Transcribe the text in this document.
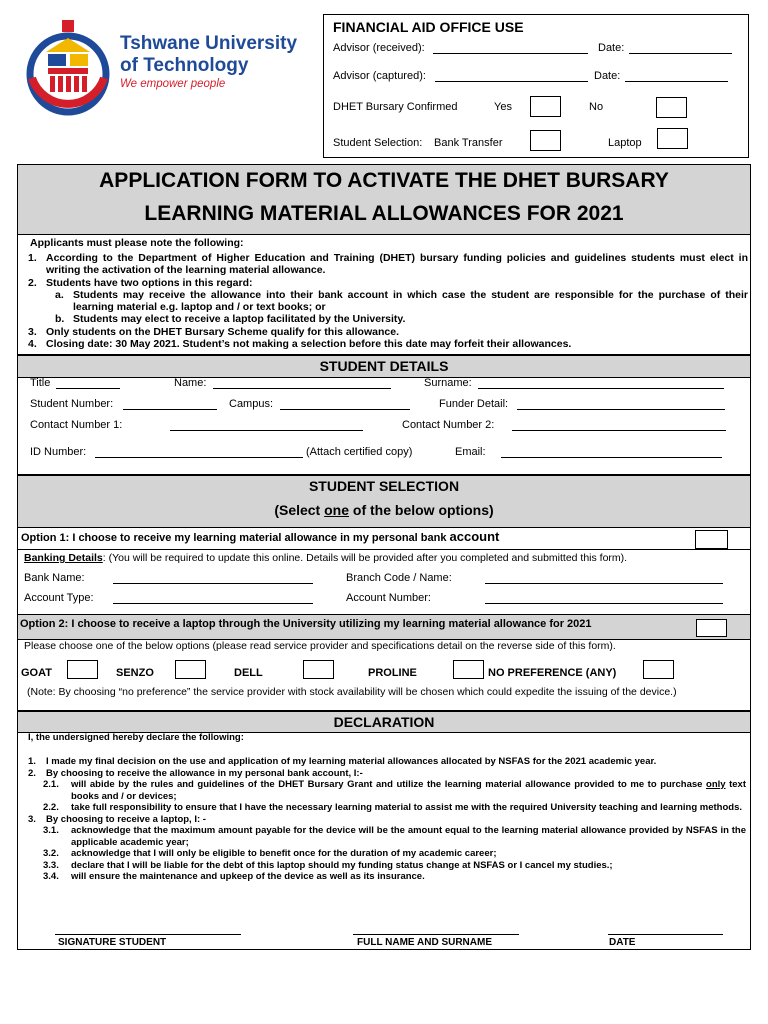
Tshwane University
of Technology
We empower people
FINANCIAL AID OFFICE USE
Advisor (received):	Date:
Advisor (captured):	Date:
DHET Bursary Confirmed	Yes	No
Student Selection: Bank Transfer	Laptop
APPLICATION FORM TO ACTIVATE THE DHET BURSARY
LEARNING MATERIAL ALLOWANCES FOR 2021
Applicants must please note the following:
1. According to the Department of Higher Education and Training (DHET) bursary funding policies and guidelines students must elect in writing the activation of the learning material allowance.
2. Students have two options in this regard:
a. Students may receive the allowance into their bank account in which case the student are responsible for the purchase of their learning material e.g. laptop and / or text books; or
b. Students may elect to receive a laptop facilitated by the University.
3. Only students on the DHET Bursary Scheme qualify for this allowance.
4. Closing date: 30 May 2021. Student’s not making a selection before this date may forfeit their allowances.
STUDENT DETAILS
Title	Name:	Surname:
Student Number:	Campus:	Funder Detail:
Contact Number 1:	Contact Number 2:
ID Number:	(Attach certified copy)	Email:
STUDENT SELECTION
(Select one of the below options)
Option 1: I choose to receive my learning material allowance in my personal bank account
Banking Details: (You will be required to update this online. Details will be provided after you completed and submitted this form).
Bank Name:	Branch Code / Name:
Account Type:	Account Number:
Option 2: I choose to receive a laptop through the University utilizing my learning material allowance for 2021
Please choose one of the below options (please read service provider and specifications detail on the reverse side of this form).
GOAT	SENZO	DELL	PROLINE	NO PREFERENCE (ANY)
(Note: By choosing “no preference” the service provider with stock availability will be chosen which could expedite the issuing of the device.)
DECLARATION
I, the undersigned hereby declare the following:
1. I made my final decision on the use and application of my learning material allowances allocated by NSFAS for the 2021 academic year.
2. By choosing to receive the allowance in my personal bank account, I:-
2.1. will abide by the rules and guidelines of the DHET Bursary Grant and utilize the learning material allowance provided to me to purchase only text books and / or devices;
2.2. take full responsibility to ensure that I have the necessary learning material to assist me with the required University teaching and learning methods.
3. By choosing to receive a laptop, I: -
3.1. acknowledge that the maximum amount payable for the device will be the amount equal to the learning material allowance provided by NSFAS in the applicable academic year;
3.2. acknowledge that I will only be eligible to benefit once for the duration of my academic career;
3.3. declare that I will be liable for the debt of this laptop should my funding status change at NSFAS or I cancel my studies.;
3.4. will ensure the maintenance and upkeep of the device as well as its insurance.
SIGNATURE STUDENT	FULL NAME AND SURNAME	DATE
